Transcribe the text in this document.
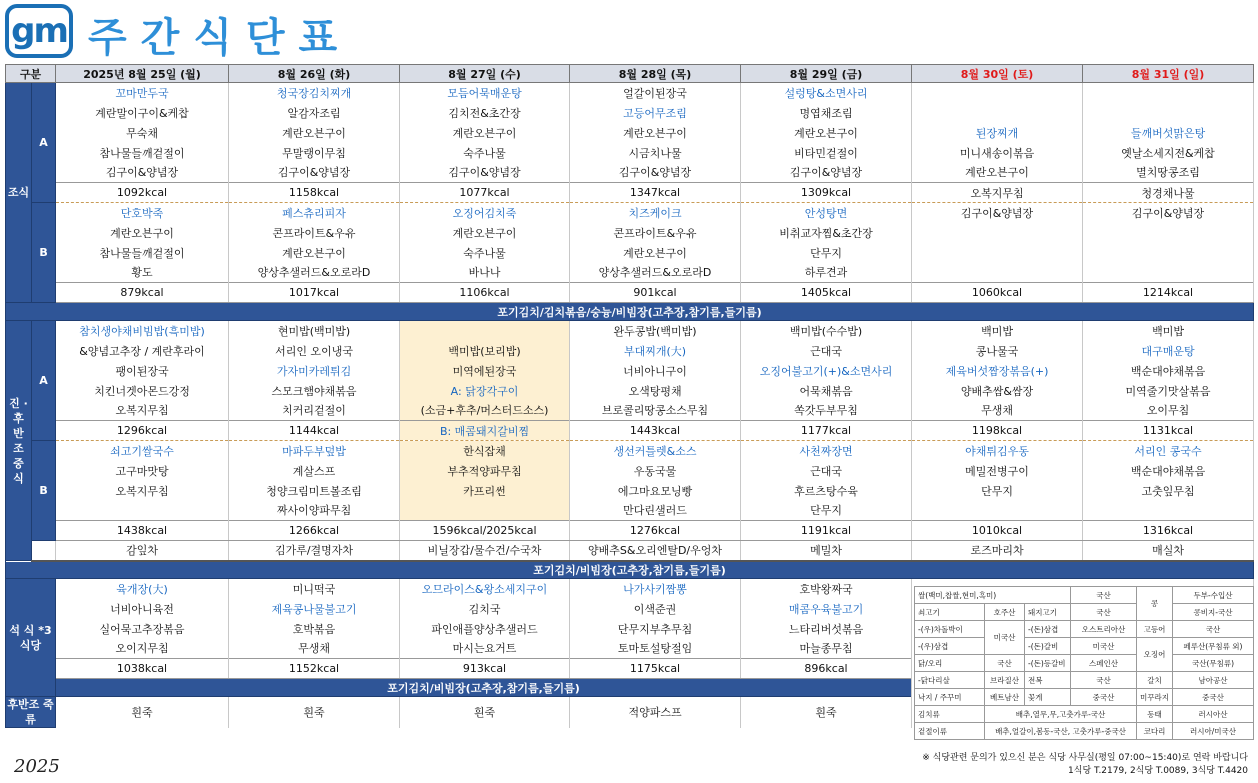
gm 주간식단표
구분		2025년 8월 25일 (월)	8월 26일 (화)	8월 27일 (수)	8월 28일 (목)	8월 29일 (금)	8월 30일 (토)	8월 31일 (일)
조식	A	꼬마만두국	청국장김치찌개	모듬어묵매운탕	얼갈이된장국	설렁탕&소면사리		
		계란말이구이&케찹	알감자조림	김치전&초간장	고등어무조림	명엽채조림		
		무숙채	계란오븐구이	계란오븐구이	계란오븐구이	계란오븐구이	된장찌개	들깨버섯맑은탕
		참나물들깨겉절이	무말랭이무침	숙주나물	시금치나물	비타민겉절이	미니새송이볶음	옛날소세지전&케찹
		김구이&양념장	김구이&양념장	김구이&양념장	김구이&양념장	김구이&양념장	계란오븐구이	멸치땅콩조림
		1092kcal	1158kcal	1077kcal	1347kcal	1309kcal	오복지무침	청경채나물
	B	단호박죽	페스츄리피자	오징어김치죽	치즈케이크	안성탕면	김구이&양념장	김구이&양념장
		계란오븐구이	콘프라이트&우유	계란오븐구이	콘프라이트&우유	비취교자찜&초간장		
		참나물들깨겉절이	계란오븐구이	숙주나물	계란오븐구이	단무지		
		황도	양상추샐러드&오로라D	바나나	양상추샐러드&오로라D	하루견과		
		879kcal	1017kcal	1106kcal	901kcal	1405kcal	1060kcal	1214kcal
포기김치/김치볶음/숭늉/비빔장(고추장,참기름,들기름)								
진 · 후 반 조 중 식	A	참치생야채비빔밥(흑미밥)	현미밥(백미밥)		완두콩밥(백미밥)	백미밥(수수밥)	백미밥	백미밥
		&양념고추장 / 계란후라이	서리인 오이냉국	백미밥(보리밥)	부대찌개(大)	근대국	콩나물국	대구매운탕
		팽이된장국	가자미카레튀김	미역에된장국	너비아니구이	오징어불고기(+)&소면사리	제육버섯짬장볶음(+)	백순대야채볶음
		치킨너겟아몬드강정	스모크햄야채볶음	A: 닭장각구이	오색탕평채	어묵채볶음	양배추쌈&쌈장	미역줄기맛살볶음
		오복지무침	치커리겉절이	(소금+후추/머스터드소스)	브로콜리땅콩소스무침	쏙갓두부무침	무생채	오이무침
		1296kcal	1144kcal	B: 매콤돼지갈비찜	1443kcal	1177kcal	1198kcal	1131kcal
	B	쇠고기쌀국수	마파두부덮밥	한식잡채	생선커틀렛&소스	사천짜장면	야채튀김우동	서리인 콩국수
		고구마맛탕	계살스프	부추적양파무침	우동국물	근대국	메밀전병구이	백순대야채볶음
		오복지무침	청양크림미트볼조림	카프리썬	에그마요모닝빵	후르츠탕수육	단무지	고춧잎무침
			짜사이양파무침		만다린샐러드	단무지		
		1438kcal	1266kcal	1596kcal/2025kcal	1276kcal	1191kcal	1010kcal	1316kcal
		감잎차	김가루/결명자차	비닐장갑/물수건/수국차	양배추S&오리엔탈D/우엉차	메밀차	로즈마리차	매실차
포기김치/비빔장(고추장,참기름,들기름)								
석 식 *3식당		육개장(大)	미니떡국	오므라이스&왕소세지구이	나가사키짬뽕	호박왕짜국		
		너비아니육전	제육콩나물불고기	김치국	이색준권	매콤우육불고기		
		실어묵고추장볶음	호박볶음	파인애플양상추샐러드	단무지부추무침	느타리버섯볶음		
		오이지무침	무생채	마시는요거트	토마토설탕절임	마늘종무침		
		1038kcal	1152kcal	913kcal	1175kcal	896kcal		
		포기김치/비빔장(고추장,참기름,들기름)						
후반조 죽류		흰죽	흰죽	흰죽	적양파스프	흰죽		

쌀(백미,찹쌀,현미,흑미)			국산	콩	두부-수입산
쇠고기	호주산	돼지고기	국산		콩비지-국산
-(우)차돌박이	미국산	-(돈)삼겹	오스트리아산	고등어	국산
-(우)삼겹		-(돈)갈비	미국산	오징어	페루산(무침류 외)
닭/오리	국산	-(돈)등갈비	스페인산		국산(무침류)
-닭다리살	브라질산	전복	국산	갈치	남아공산
낙지 / 주꾸미	베트남산	꽃게	중국산	미꾸라지	중국산
김치류	배추,열무,무,고춧가루-국산			동태	러시아산
겉절이류	배추,얼갈이,봄동-국산, 고춧가루-중국산			코다리	러시아/미국산
2025	※ 식당관련 문의가 있으신 분은 식당 사무실(평일 07:00~15:40)로 연락 바랍니다
1식당 T.2179, 2식당 T.0089, 3식당 T.4420
